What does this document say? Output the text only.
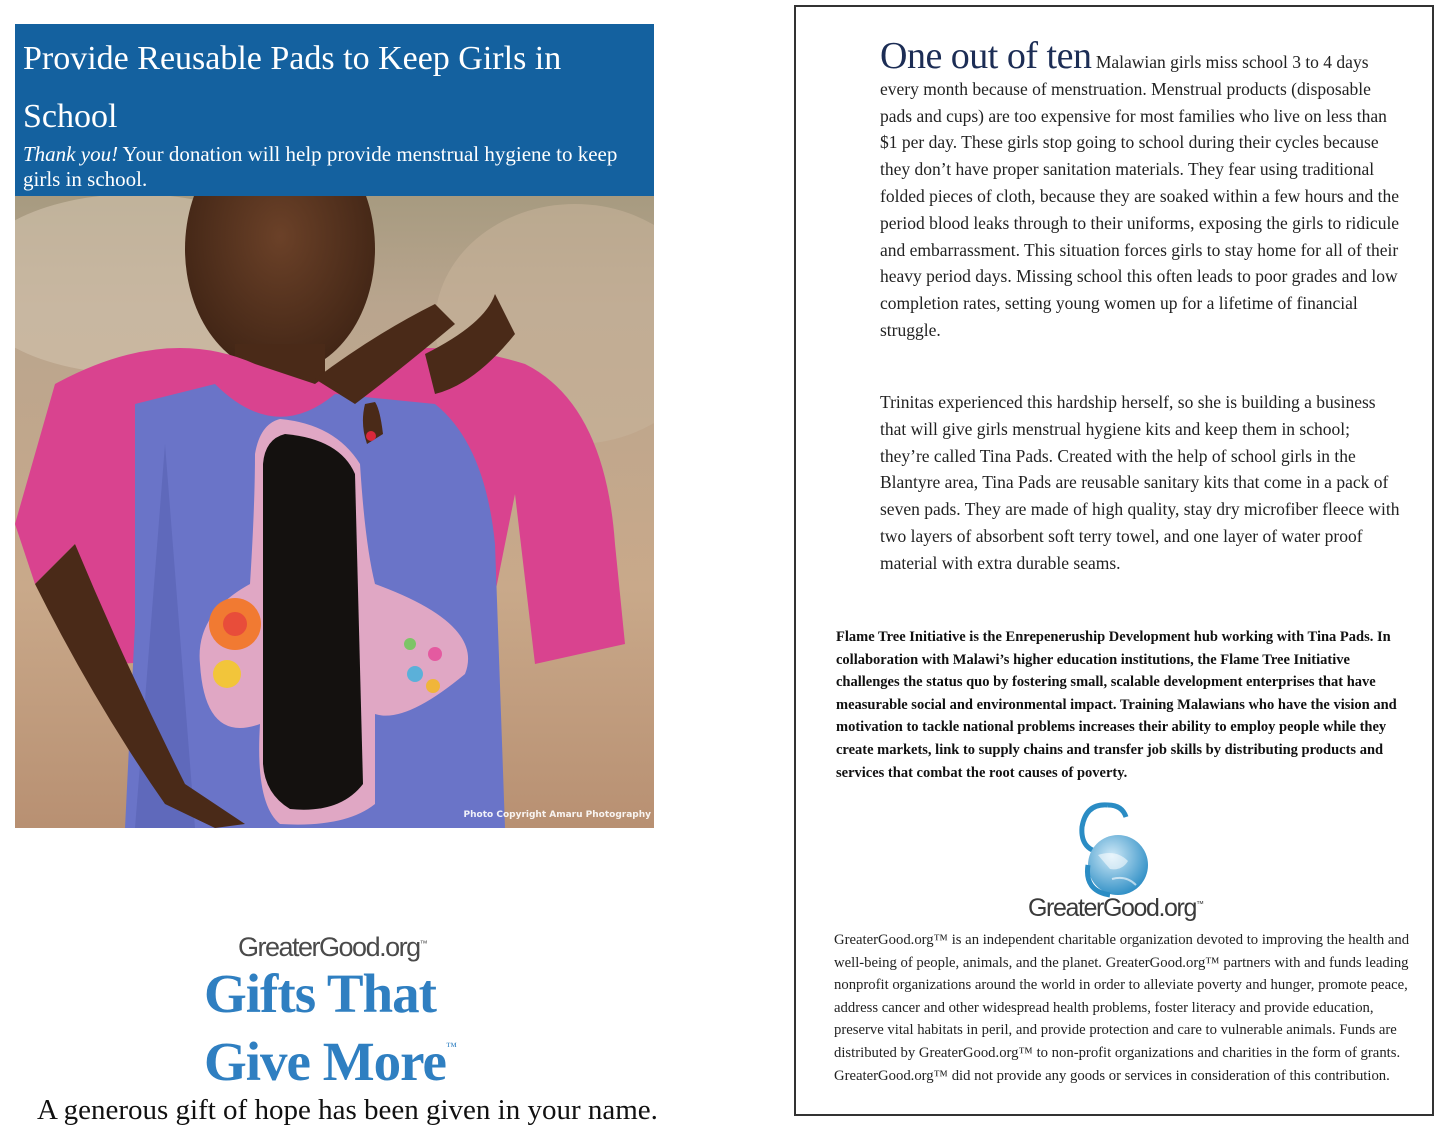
Provide Reusable Pads to Keep Girls in School
Thank you! Your donation will help provide menstrual hygiene to keep girls in school.
Photo Copyright Amaru Photography
GreaterGood.org™
Gifts That
Give More™
A generous gift of hope has been given in your name.
One out of ten Malawian girls miss school 3 to 4 days every month because of menstruation. Menstrual products (disposable pads and cups) are too expensive for most families who live on less than $1 per day. These girls stop going to school during their cycles because they don’t have proper sanitation materials. They fear using traditional folded pieces of cloth, because they are soaked within a few hours and the period blood leaks through to their uniforms, exposing the girls to ridicule and embarrassment. This situation forces girls to stay home for all of their heavy period days. Missing school this often leads to poor grades and low completion rates, setting young women up for a lifetime of financial struggle.
Trinitas experienced this hardship herself, so she is building a business that will give girls menstrual hygiene kits and keep them in school; they’re called Tina Pads. Created with the help of school girls in the Blantyre area, Tina Pads are reusable sanitary kits that come in a pack of seven pads. They are made of high quality, stay dry microfiber fleece with two layers of absorbent soft terry towel, and one layer of water proof material with extra durable seams.
Flame Tree Initiative is the Enrepeneruship Development hub working with Tina Pads. In collaboration with Malawi’s higher education institutions, the Flame Tree Initiative challenges the status quo by fostering small, scalable development enterprises that have measurable social and environmental impact. Training Malawians who have the vision and motivation to tackle national problems increases their ability to employ people while they create markets, link to supply chains and transfer job skills by distributing products and services that combat the root causes of poverty.
GreaterGood.org™
GreaterGood.org™ is an independent charitable organization devoted to improving the health and well-being of people, animals, and the planet. GreaterGood.org™ partners with and funds leading nonprofit organizations around the world in order to alleviate poverty and hunger, promote peace, address cancer and other widespread health problems, foster literacy and provide education, preserve vital habitats in peril, and provide protection and care to vulnerable animals. Funds are distributed by GreaterGood.org™ to non-profit organizations and charities in the form of grants. GreaterGood.org™ did not provide any goods or services in consideration of this contribution.
